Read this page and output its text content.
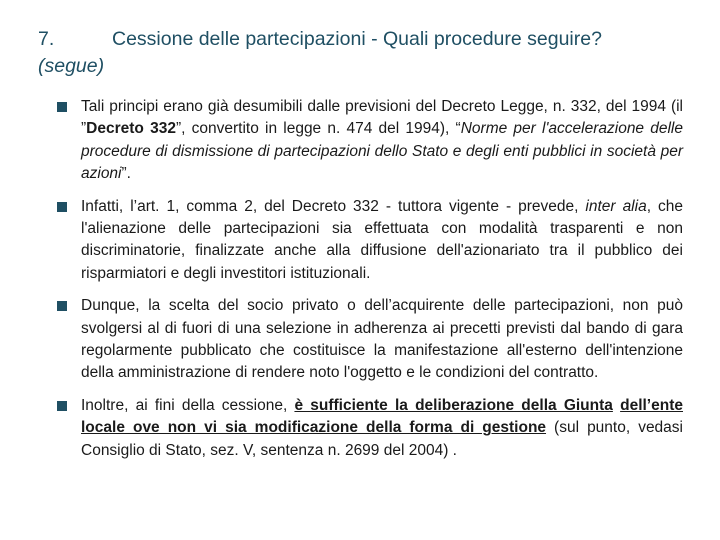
7.	Cessione delle partecipazioni - Quali procedure seguire?
(segue)
Tali principi erano già desumibili dalle previsioni del Decreto Legge, n. 332, del 1994 (il ”Decreto 332”, convertito in legge n. 474 del 1994), “Norme per l'accelerazione delle procedure di dismissione di partecipazioni dello Stato e degli enti pubblici in società per azioni”.
Infatti, l’art. 1, comma 2, del Decreto 332 - tuttora vigente - prevede, inter alia, che l'alienazione delle partecipazioni sia effettuata con modalità trasparenti e non discriminatorie, finalizzate anche alla diffusione dell'azionariato tra il pubblico dei risparmiatori e degli investitori istituzionali.
Dunque, la scelta del socio privato o dell’acquirente delle partecipazioni, non può svolgersi al di fuori di una selezione in adherenza ai precetti previsti dal bando di gara regolarmente pubblicato che costituisce la manifestazione all'esterno dell'intenzione della amministrazione di rendere noto l'oggetto e le condizioni del contratto.
Inoltre, ai fini della cessione, è sufficiente la deliberazione della Giunta dell’ente locale ove non vi sia modificazione della forma di gestione (sul punto, vedasi Consiglio di Stato, sez. V, sentenza n. 2699 del 2004) .
